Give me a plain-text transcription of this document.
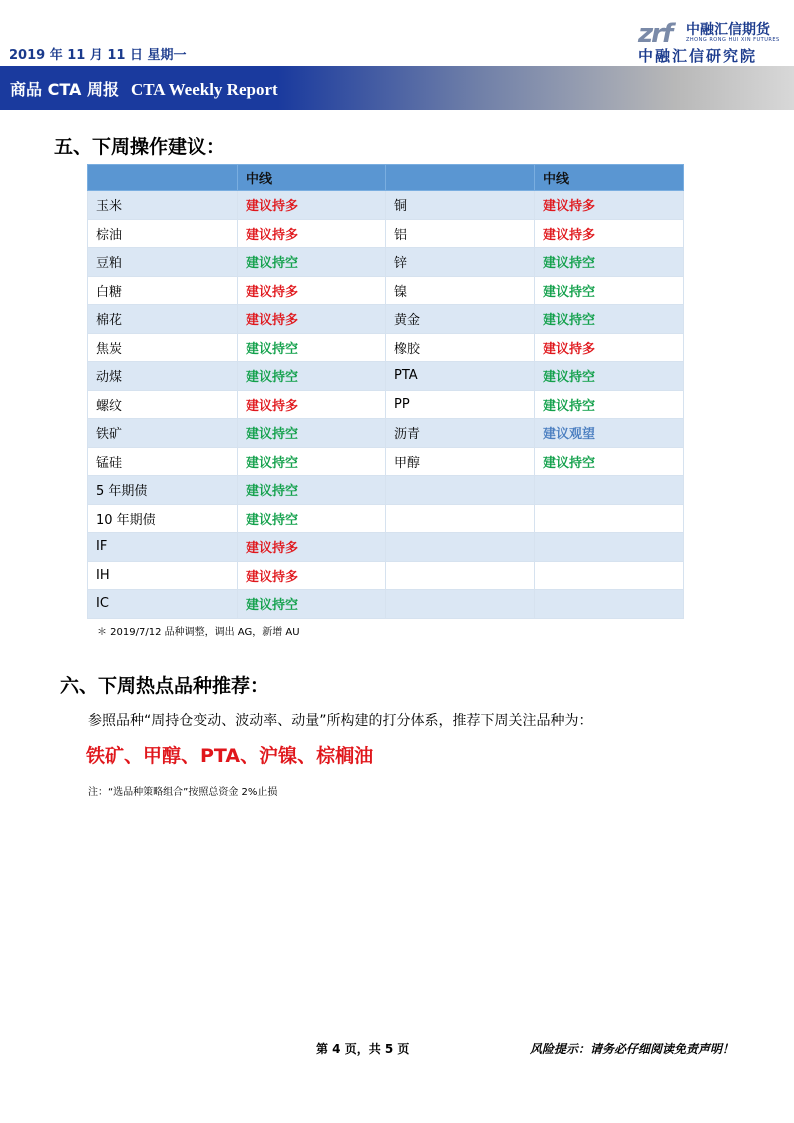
2019 年 11 月 11 日 星期一
zrf 中融汇信期货
ZHONG RONG HUI XIN FUTURES
中融汇信研究院
商品 CTA 周报 CTA Weekly Report
五、下周操作建议：
	中线		中线
玉米	建议持多	铜	建议持多
棕油	建议持多	铝	建议持多
豆粕	建议持空	锌	建议持空
白糖	建议持多	镍	建议持空
棉花	建议持多	黄金	建议持空
焦炭	建议持空	橡胶	建议持多
动煤	建议持空	PTA	建议持空
螺纹	建议持多	PP	建议持空
铁矿	建议持空	沥青	建议观望
锰硅	建议持空	甲醇	建议持空
5 年期债	建议持空		
10 年期债	建议持空		
IF	建议持多		
IH	建议持多		
IC	建议持空		
＊ 2019/7/12 品种调整，调出 AG，新增 AU
六、下周热点品种推荐：
参照品种“周持仓变动、波动率、动量”所构建的打分体系，推荐下周关注品种为：
铁矿、甲醇、PTA、沪镍、棕榈油
注：“选品种策略组合”按照总资金 2%止损
第 4 页，共 5 页	风险提示：请务必仔细阅读免责声明！
